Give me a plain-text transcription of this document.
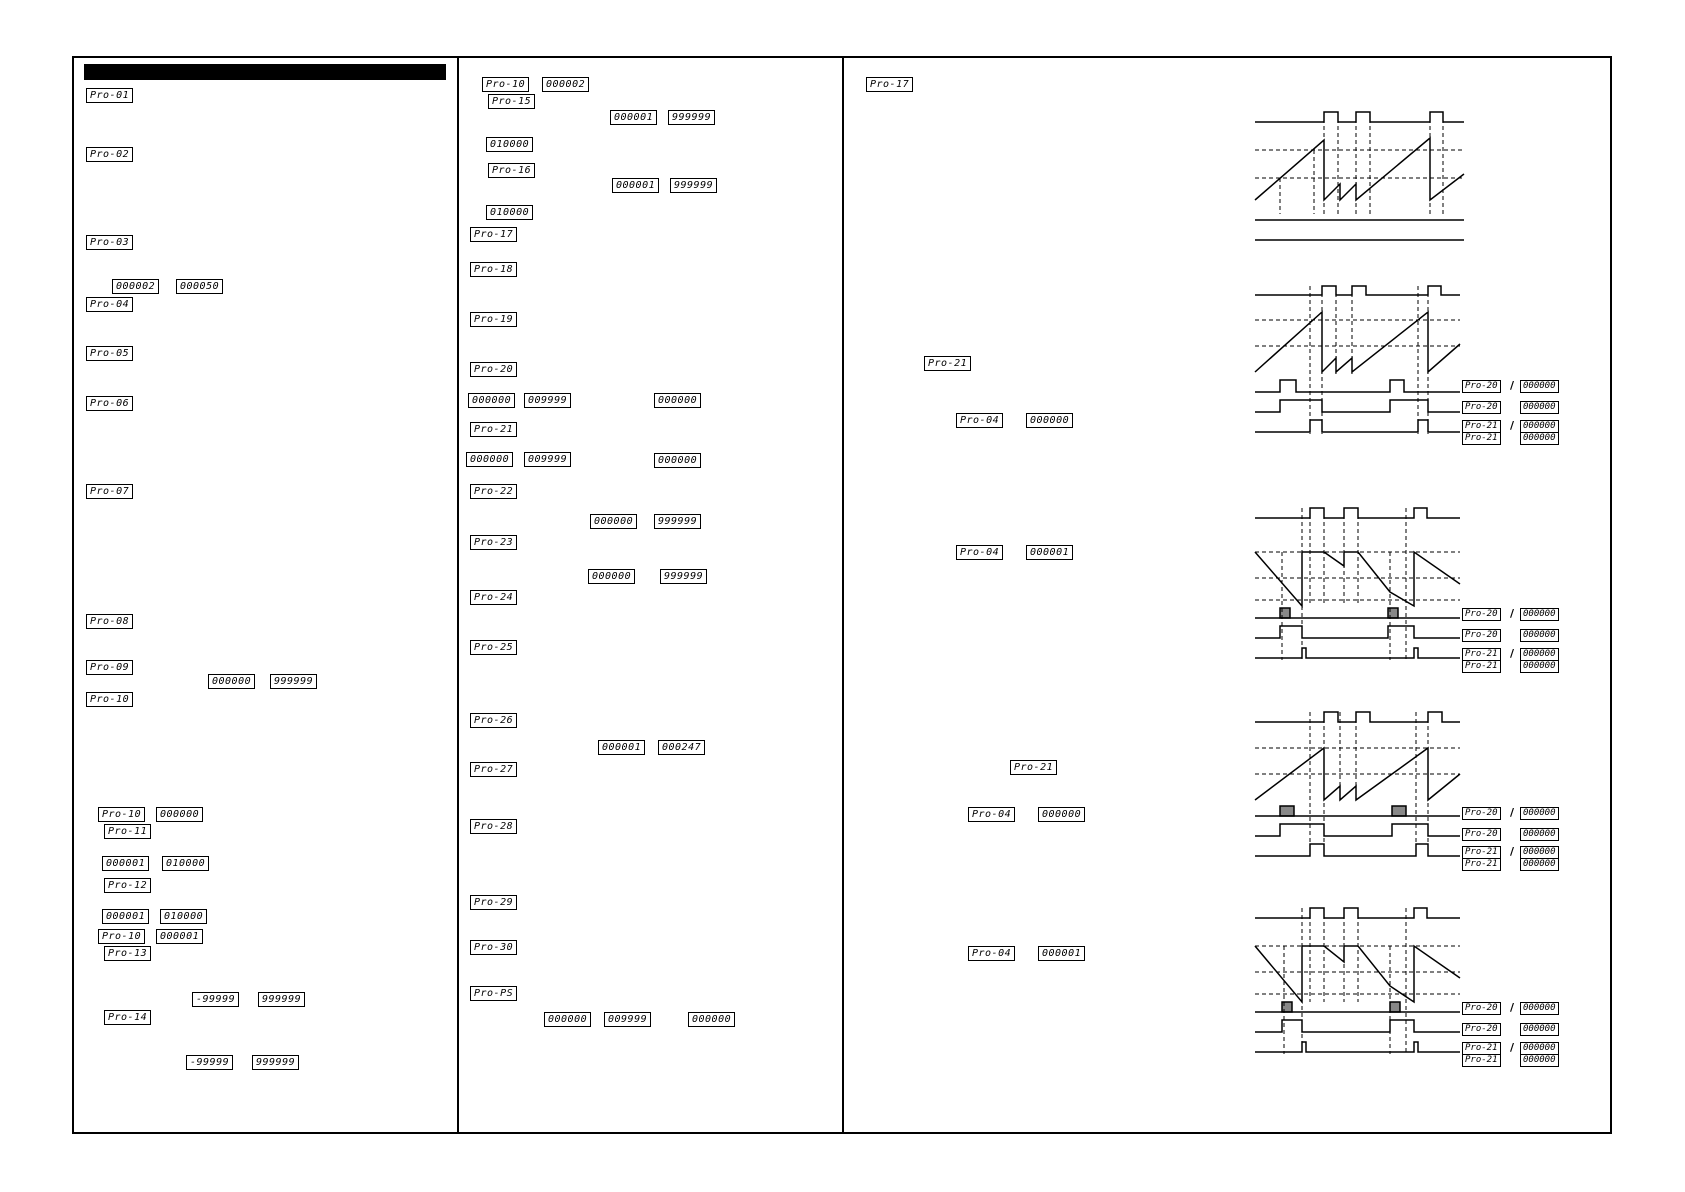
Pro-01
Pro-02
Pro-03
000002	000050
Pro-04
Pro-05
Pro-06
Pro-07
Pro-08
Pro-09
000000	999999
Pro-10
Pro-10	000000
Pro-11
000001	010000
Pro-12
000001	010000
Pro-10	000001
Pro-13
-99999	999999
Pro-14
-99999	999999
Pro-10	000002
Pro-15
000001	999999
010000
Pro-16
000001	999999
010000
Pro-17
Pro-18
Pro-19
Pro-20
000000	009999	000000
Pro-21
000000	009999	000000
Pro-22
000000	999999
Pro-23
000000	999999
Pro-24
Pro-25
Pro-26
000001	000247
Pro-27
Pro-28
Pro-29
Pro-30
Pro-PS
000000	009999	000000
Pro-17
Pro-21
Pro-04	000000
Pro-04	000001
Pro-21
Pro-04	000000
Pro-04	000001
Pro-20 / 000000
Pro-20	000000
Pro-21 / 000000
Pro-21	000000
Pro-20 / 000000
Pro-20	000000
Pro-21 / 000000
Pro-21	000000
Pro-20 / 000000
Pro-20	000000
Pro-21 / 000000
Pro-21	000000
Pro-20 / 000000
Pro-20	000000
Pro-21 / 000000
Pro-21	000000
